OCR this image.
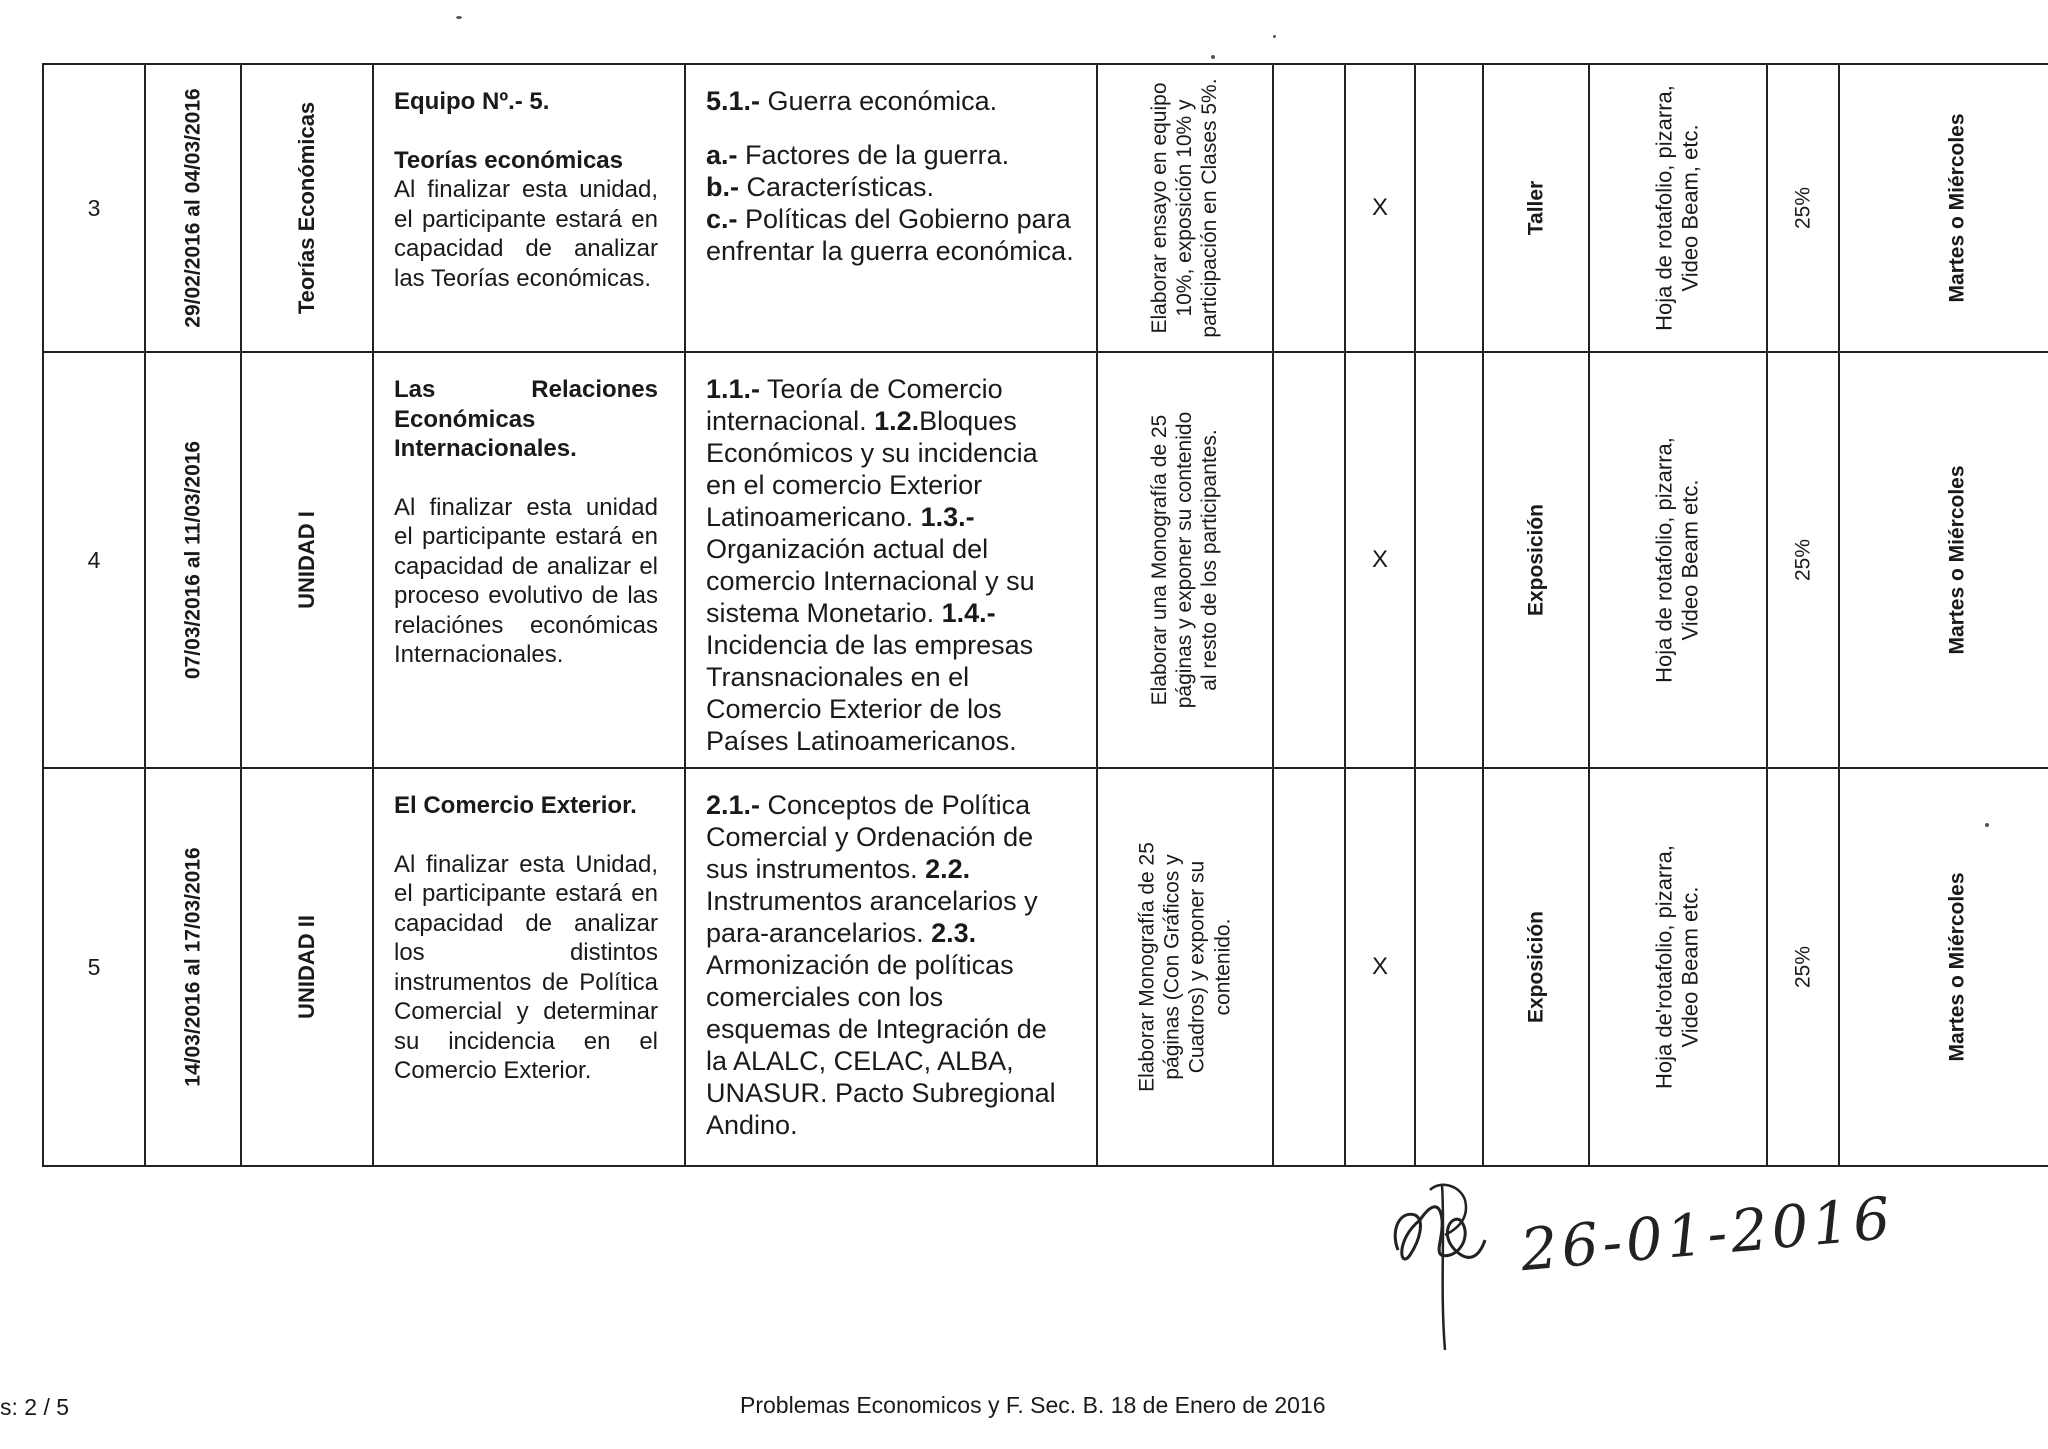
3	29/02/2016 al 04/03/2016	Teorías Económicas	Equipo Nº.- 5.
Teorías económicas
Al finalizar esta unidad, el participante estará en capacidad de analizar las Teorías económicas.	5.1.- Guerra económica.
a.- Factores de la guerra.
b.- Características.
c.- Políticas del Gobierno para enfrentar la guerra económica.	Elaborar ensayo en equipo 10%, exposición 10% y participación en Clases 5%.		X		Taller	Hoja de rotafolio, pizarra, Video Beam, etc.	25%	Martes o Miércoles

4	07/03/2016 al 11/03/2016	UNIDAD I	Las Relaciones Económicas Internacionales.
Al finalizar esta unidad el participante estará en capacidad de analizar el proceso evolutivo de las relaciónes económicas Internacionales.	1.1.- Teoría de Comercio internacional. 1.2.Bloques Económicos y su incidencia en el comercio Exterior Latinoamericano. 1.3.- Organización actual del comercio Internacional y su sistema Monetario. 1.4.- Incidencia de las empresas Transnacionales en el Comercio Exterior de los Países Latinoamericanos.	Elaborar una Monografía de 25 páginas y exponer su contenido al resto de los participantes.		X		Exposición	Hoja de rotafolio, pizarra, Video Beam etc.	25%	Martes o Miércoles

5	14/03/2016 al 17/03/2016	UNIDAD II	El Comercio Exterior.
Al finalizar esta Unidad, el participante estará en capacidad de analizar los distintos instrumentos de Política Comercial y determinar su incidencia en el Comercio Exterior.	2.1.- Conceptos de Política Comercial y Ordenación de sus instrumentos. 2.2. Instrumentos arancelarios y para-arancelarios. 2.3. Armonización de políticas comerciales con los esquemas de Integración de la ALALC, CELAC, ALBA, UNASUR. Pacto Subregional Andino.	Elaborar Monografía de 25 páginas (Con Gráficos y Cuadros) y exponer su contenido.		X		Exposición	Hoja de'rotafolio, pizarra, Video Beam etc.	25%	Martes o Miércoles
s: 2 / 5	Problemas Economicos y F. Sec. B. 18 de Enero de 2016
26-01-2016
